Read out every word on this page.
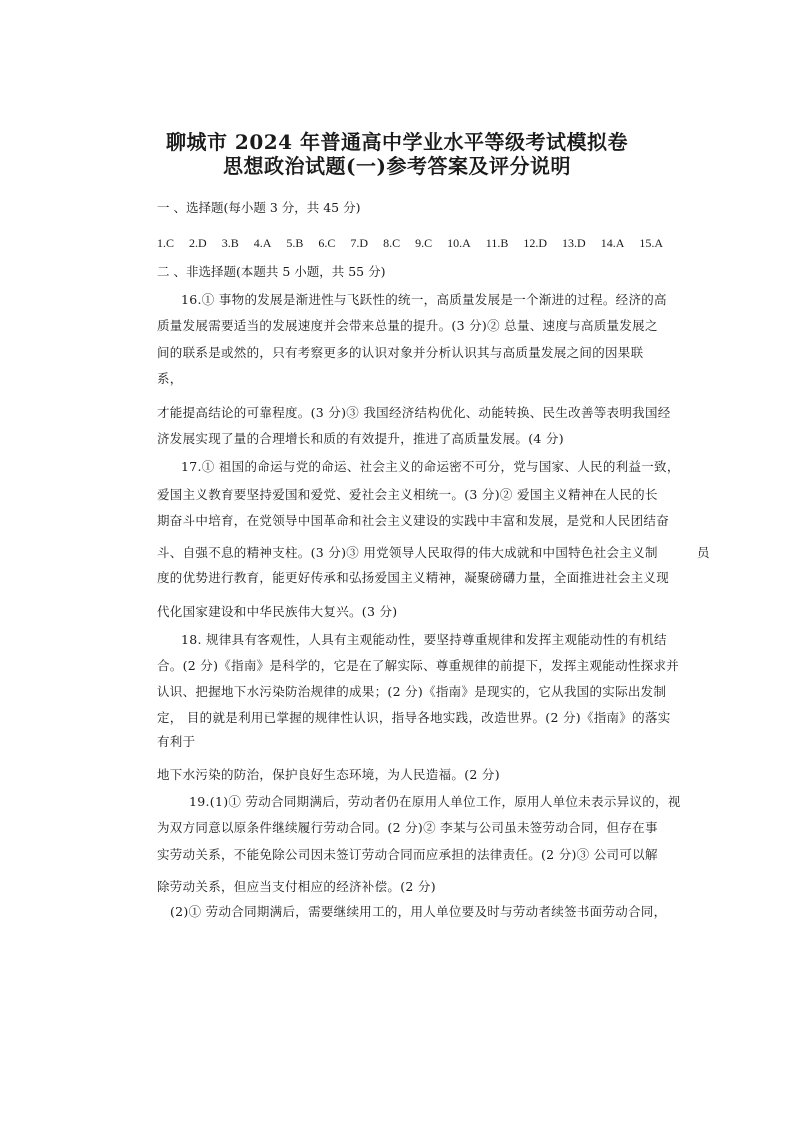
聊城市 2024 年普通高中学业水平等级考试模拟卷
思想政治试题(一)参考答案及评分说明
一 、选择题(每小题 3 分，共 45 分)
1.C 2.D 3.B 4.A 5.B 6.C 7.D 8.C 9.C 10.A 11.B 12.D 13.D 14.A 15.A
二 、非选择题(本题共 5 小题，共 55 分)
16.① 事物的发展是渐进性与飞跃性的统一，高质量发展是一个渐进的过程。经济的高
质量发展需要适当的发展速度并会带来总量的提升。(3 分)② 总量、速度与高质量发展之
间的联系是或然的，只有考察更多的认识对象并分析认识其与高质量发展之间的因果联
系，
才能提高结论的可靠程度。(3 分)③ 我国经济结构优化、动能转换、民生改善等表明我国经
济发展实现了量的合理增长和质的有效提升，推进了高质量发展。(4 分)
17.① 祖国的命运与党的命运、社会主义的命运密不可分，党与国家、人民的利益一致，
爱国主义教育要坚持爱国和爱党、爱社会主义相统一。(3 分)② 爱国主义精神在人民的长
期奋斗中培育，在党领导中国革命和社会主义建设的实践中丰富和发展，是党和人民团结奋
斗、自强不息的精神支柱。(3 分)③ 用党领导人民取得的伟大成就和中国特色社会主义制	员
度的优势进行教育，能更好传承和弘扬爱国主义精神，凝聚磅礴力量，全面推进社会主义现
代化国家建设和中华民族伟大复兴。(3 分)
18. 规律具有客观性，人具有主观能动性，要坚持尊重规律和发挥主观能动性的有机结
合。(2 分)《指南》是科学的，它是在了解实际、尊重规律的前提下，发挥主观能动性探求并
认识、把握地下水污染防治规律的成果；(2 分)《指南》是现实的，它从我国的实际出发制
定， 目的就是利用已掌握的规律性认识，指导各地实践，改造世界。(2 分)《指南》的落实
有利于
地下水污染的防治，保护良好生态环境，为人民造福。(2 分)
19.(1)① 劳动合同期满后，劳动者仍在原用人单位工作，原用人单位未表示异议的，视
为双方同意以原条件继续履行劳动合同。(2 分)② 李某与公司虽未签劳动合同，但存在事
实劳动关系，不能免除公司因未签订劳动合同而应承担的法律责任。(2 分)③ 公司可以解
除劳动关系，但应当支付相应的经济补偿。(2 分)
(2)① 劳动合同期满后，需要继续用工的，用人单位要及时与劳动者续签书面劳动合同，
